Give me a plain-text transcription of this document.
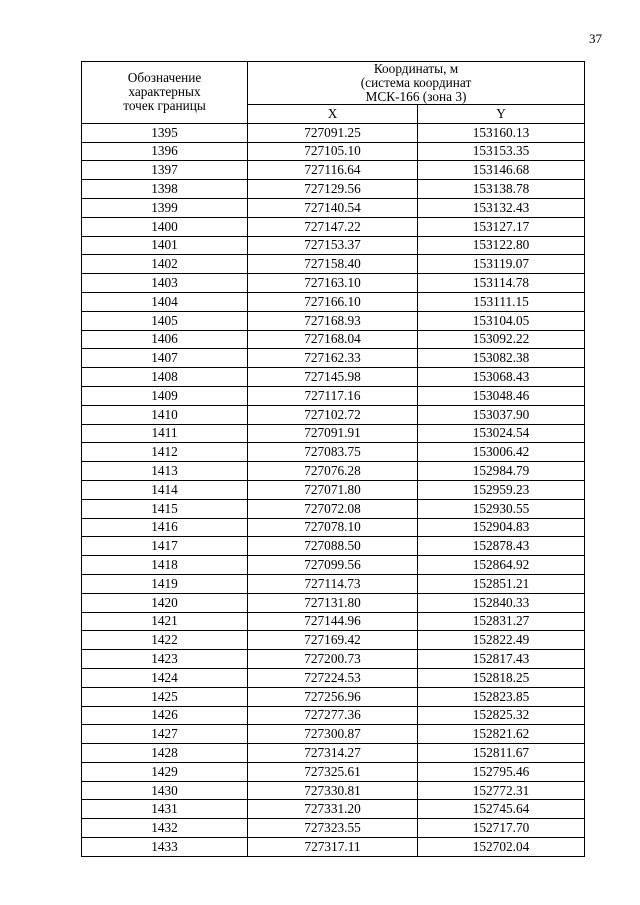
37
Обозначение
характерных
точек границы	Координаты, м
(система координат
МСК-166 (зона 3)	

	X	Y
1395	727091.25	153160.13
1396	727105.10	153153.35
1397	727116.64	153146.68
1398	727129.56	153138.78
1399	727140.54	153132.43
1400	727147.22	153127.17
1401	727153.37	153122.80
1402	727158.40	153119.07
1403	727163.10	153114.78
1404	727166.10	153111.15
1405	727168.93	153104.05
1406	727168.04	153092.22
1407	727162.33	153082.38
1408	727145.98	153068.43
1409	727117.16	153048.46
1410	727102.72	153037.90
1411	727091.91	153024.54
1412	727083.75	153006.42
1413	727076.28	152984.79
1414	727071.80	152959.23
1415	727072.08	152930.55
1416	727078.10	152904.83
1417	727088.50	152878.43
1418	727099.56	152864.92
1419	727114.73	152851.21
1420	727131.80	152840.33
1421	727144.96	152831.27
1422	727169.42	152822.49
1423	727200.73	152817.43
1424	727224.53	152818.25
1425	727256.96	152823.85
1426	727277.36	152825.32
1427	727300.87	152821.62
1428	727314.27	152811.67
1429	727325.61	152795.46
1430	727330.81	152772.31
1431	727331.20	152745.64
1432	727323.55	152717.70
1433	727317.11	152702.04
